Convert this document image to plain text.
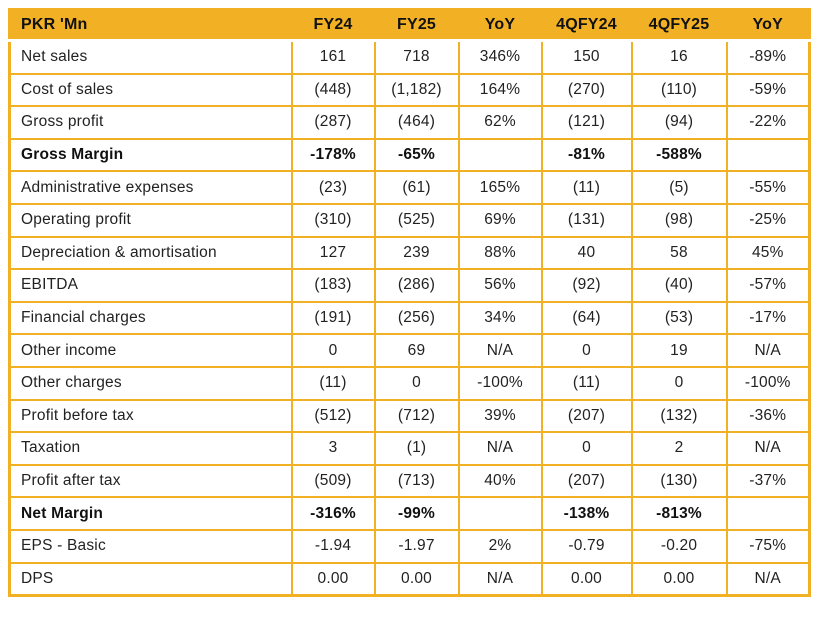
PKR 'Mn	FY24	FY25	YoY	4QFY24	4QFY25	YoY
Net sales	161	718	346%	150	16	-89%
Cost of sales	(448)	(1,182)	164%	(270)	(110)	-59%
Gross profit	(287)	(464)	62%	(121)	(94)	-22%
Gross Margin	-178%	-65%		-81%	-588%	
Administrative expenses	(23)	(61)	165%	(11)	(5)	-55%
Operating profit	(310)	(525)	69%	(131)	(98)	-25%
Depreciation & amortisation	127	239	88%	40	58	45%
EBITDA	(183)	(286)	56%	(92)	(40)	-57%
Financial charges	(191)	(256)	34%	(64)	(53)	-17%
Other income	0	69	N/A	0	19	N/A
Other charges	(11)	0	-100%	(11)	0	-100%
Profit before tax	(512)	(712)	39%	(207)	(132)	-36%
Taxation	3	(1)	N/A	0	2	N/A
Profit after tax	(509)	(713)	40%	(207)	(130)	-37%
Net Margin	-316%	-99%		-138%	-813%	
EPS - Basic	-1.94	-1.97	2%	-0.79	-0.20	-75%
DPS	0.00	0.00	N/A	0.00	0.00	N/A
